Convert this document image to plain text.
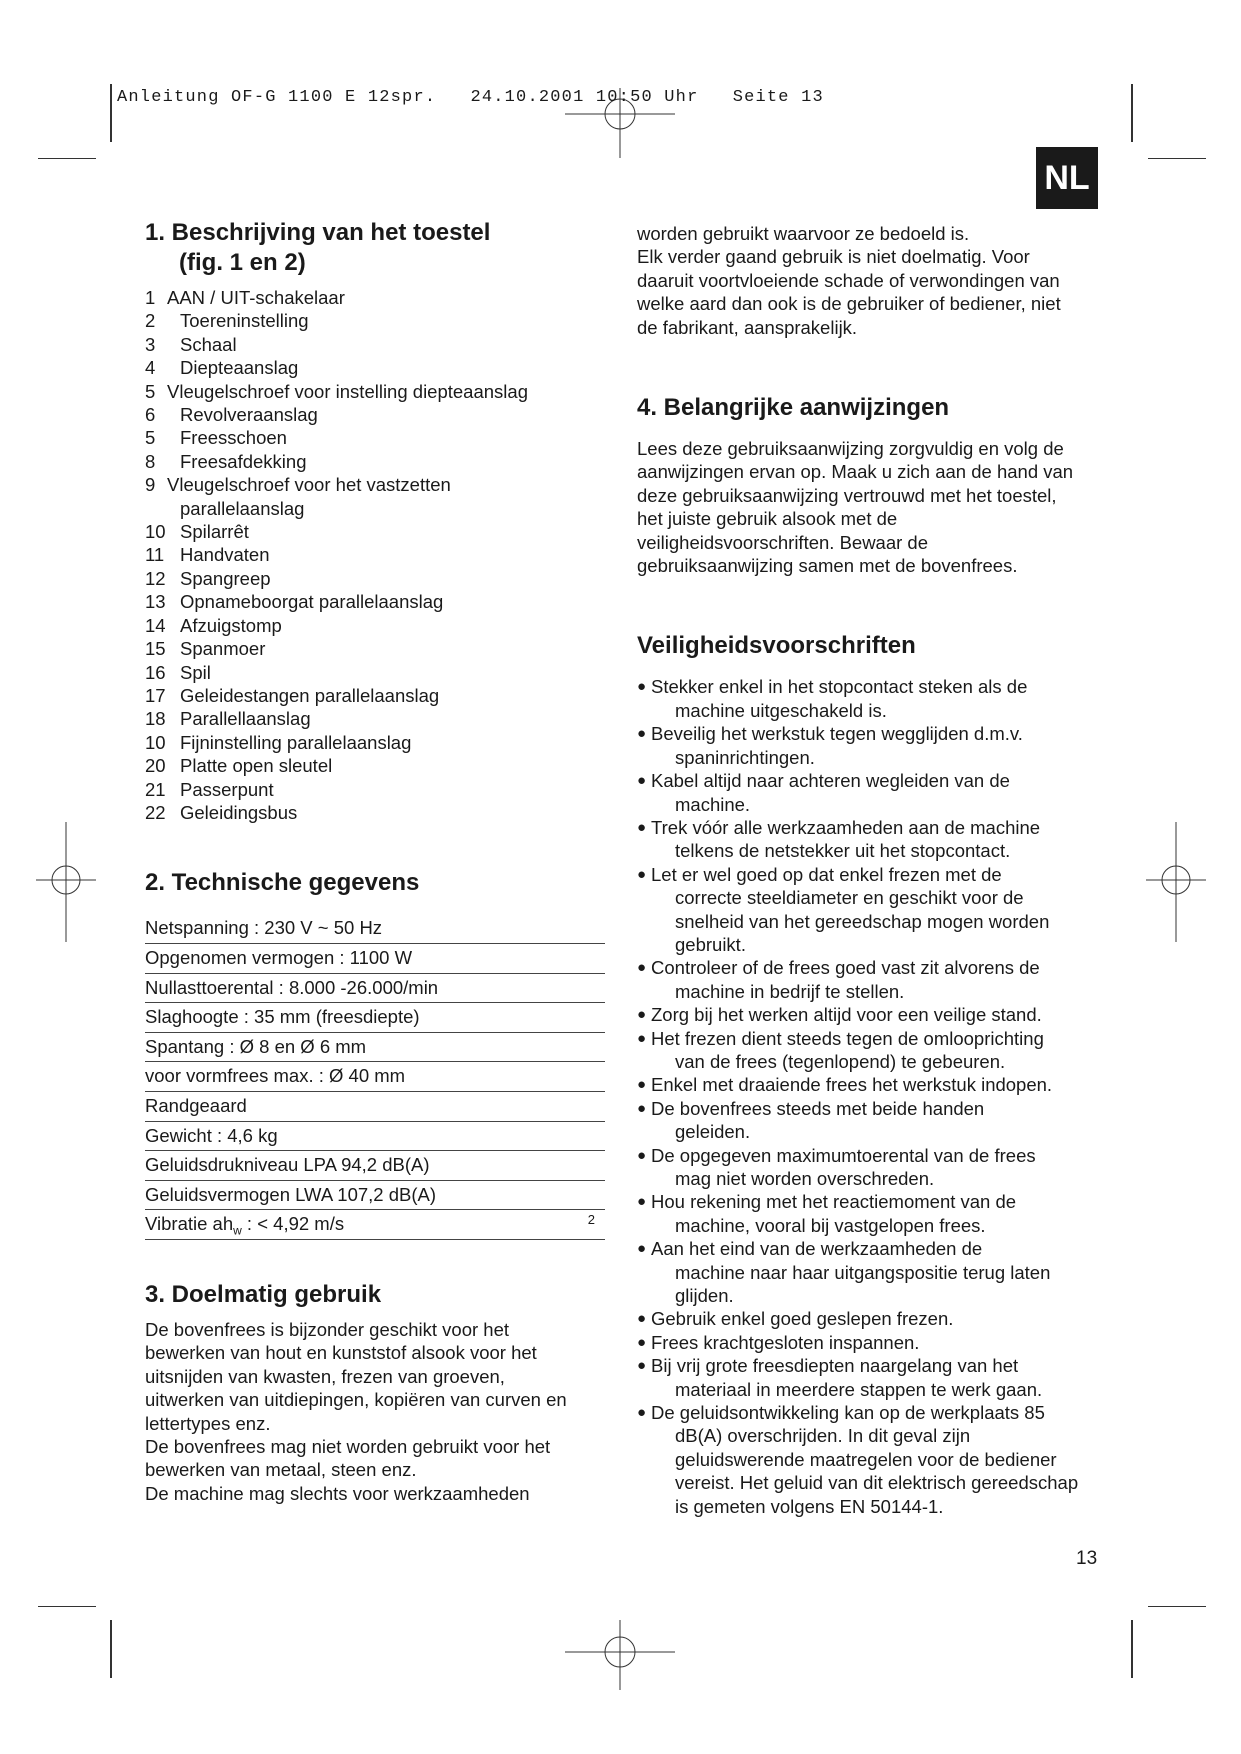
Anleitung OF-G 1100 E 12spr.   24.10.2001 10:50 Uhr   Seite 13
NL
1. Beschrijving van het toestel
(fig. 1 en 2)
1 AAN / UIT-schakelaar
2	Toereninstelling
3	Schaal
4	Diepteaanslag
5 Vleugelschroef voor instelling diepteaanslag
6	Revolveraanslag
5	Freesschoen
8	Freesafdekking
9 Vleugelschroef voor het vastzetten
parallelaanslag
10 Spilarrêt
11 Handvaten
12 Spangreep
13 Opnameboorgat parallelaanslag
14 Afzuigstomp
15 Spanmoer
16 Spil
17 Geleidestangen parallelaanslag
18 Parallellaanslag
10 Fijninstelling parallelaanslag
20 Platte open sleutel
21 Passerpunt
22 Geleidingsbus
2. Technische gegevens
Netspanning : 230 V ~ 50 Hz
Opgenomen vermogen : 1100 W
Nullasttoerental : 8.000 -26.000/min
Slaghoogte : 35 mm (freesdiepte)
Spantang : Ø 8 en Ø 6 mm
voor vormfrees max. : Ø 40 mm
Randgeaard
Gewicht : 4,6 kg
Geluidsdrukniveau LPA 94,2 dB(A)
Geluidsvermogen LWA 107,2 dB(A)
Vibratie $ah_w$ : < 4,92 m/s	2
3. Doelmatig gebruik
De bovenfrees is bijzonder geschikt voor het
bewerken van hout en kunststof alsook voor het
uitsnijden van kwasten, frezen van groeven,
uitwerken van uitdiepingen, kopiëren van curven en
lettertypes enz.
De bovenfrees mag niet worden gebruikt voor het
bewerken van metaal, steen enz.
De machine mag slechts voor werkzaamheden
worden gebruikt waarvoor ze bedoeld is.
Elk verder gaand gebruik is niet doelmatig. Voor
daaruit voortvloeiende schade of verwondingen van
welke aard dan ook is de gebruiker of bediener, niet
de fabrikant, aansprakelijk.
4. Belangrijke aanwijzingen
Lees deze gebruiksaanwijzing zorgvuldig en volg de
aanwijzingen ervan op. Maak u zich aan de hand van
deze gebruiksaanwijzing vertrouwd met het toestel,
het juiste gebruik alsook met de
veiligheidsvoorschriften. Bewaar de
gebruiksaanwijzing samen met de bovenfrees.
Veiligheidsvoorschriften
● Stekker enkel in het stopcontact steken als de
machine uitgeschakeld is.
● Beveilig het werkstuk tegen wegglijden d.m.v.
spaninrichtingen.
● Kabel altijd naar achteren wegleiden van de
machine.
● Trek vóór alle werkzaamheden aan de machine
telkens de netstekker uit het stopcontact.
● Let er wel goed op dat enkel frezen met de
correcte steeldiameter en geschikt voor de
snelheid van het gereedschap mogen worden
gebruikt.
● Controleer of de frees goed vast zit alvorens de
machine in bedrijf te stellen.
● Zorg bij het werken altijd voor een veilige stand.
● Het frezen dient steeds tegen de omlooprichting
van de frees (tegenlopend) te gebeuren.
● Enkel met draaiende frees het werkstuk indopen.
● De bovenfrees steeds met beide handen
geleiden.
● De opgegeven maximumtoerental van de frees
mag niet worden overschreden.
● Hou rekening met het reactiemoment van de
machine, vooral bij vastgelopen frees.
● Aan het eind van de werkzaamheden de
machine naar haar uitgangspositie terug laten
glijden.
● Gebruik enkel goed geslepen frezen.
● Frees krachtgesloten inspannen.
● Bij vrij grote freesdiepten naargelang van het
materiaal in meerdere stappen te werk gaan.
● De geluidsontwikkeling kan op de werkplaats 85
dB(A) overschrijden. In dit geval zijn
geluidswerende maatregelen voor de bediener
vereist. Het geluid van dit elektrisch gereedschap
is gemeten volgens EN 50144-1.
13
